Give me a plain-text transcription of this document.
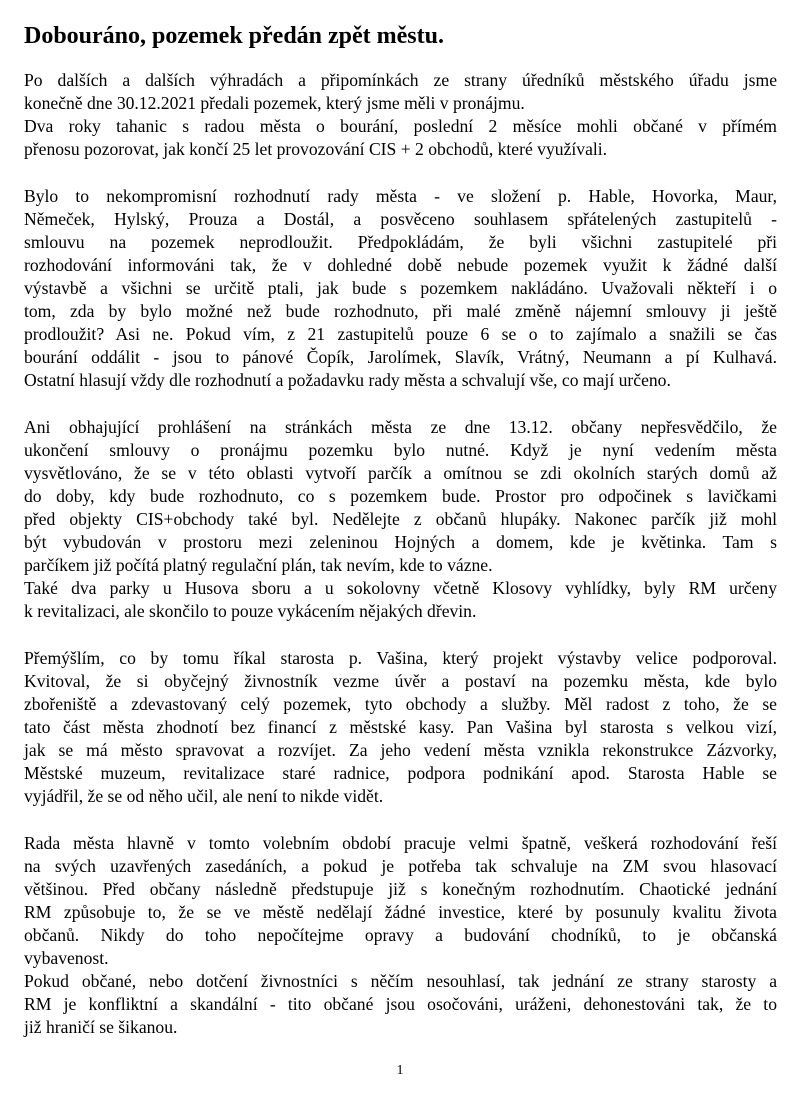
Dobouráno, pozemek předán zpět městu.
Po dalších a dalších výhradách a připomínkách ze strany úředníků městského úřadu jsme
konečně dne 30.12.2021 předali pozemek, který jsme měli v pronájmu.
Dva roky tahanic s radou města o bourání, poslední 2 měsíce mohli občané v přímém
přenosu pozorovat, jak končí 25 let provozování CIS + 2 obchodů, které využívali.
Bylo to nekompromisní rozhodnutí rady města - ve složení p. Hable, Hovorka, Maur,
Němeček, Hylský, Prouza a Dostál, a posvěceno souhlasem spřátelených zastupitelů -
smlouvu na pozemek neprodloužit. Předpokládám, že byli všichni zastupitelé při
rozhodování informováni tak, že v dohledné době nebude pozemek využit k žádné další
výstavbě a všichni se určitě ptali, jak bude s pozemkem nakládáno. Uvažovali někteří i o
tom, zda by bylo možné než bude rozhodnuto, při malé změně nájemní smlouvy ji ještě
prodloužit? Asi ne. Pokud vím, z 21 zastupitelů pouze 6 se o to zajímalo a snažili se čas
bourání oddálit - jsou to pánové Čopík, Jarolímek, Slavík, Vrátný, Neumann a pí Kulhavá.
Ostatní hlasují vždy dle rozhodnutí a požadavku rady města a schvalují vše, co mají určeno.
Ani obhajující prohlášení na stránkách města ze dne 13.12. občany nepřesvědčilo, že
ukončení smlouvy o pronájmu pozemku bylo nutné. Když je nyní vedením města
vysvětlováno, že se v této oblasti vytvoří parčík a omítnou se zdi okolních starých domů až
do doby, kdy bude rozhodnuto, co s pozemkem bude. Prostor pro odpočinek s lavičkami
před objekty CIS+obchody také byl. Nedělejte z občanů hlupáky. Nakonec parčík již mohl
být vybudován v prostoru mezi zeleninou Hojných a domem, kde je květinka. Tam s
parčíkem již počítá platný regulační plán, tak nevím, kde to vázne.
Také dva parky u Husova sboru a u sokolovny včetně Klosovy vyhlídky, byly RM určeny
k revitalizaci, ale skončilo to pouze vykácením nějakých dřevin.
Přemýšlím, co by tomu říkal starosta p. Vašina, který projekt výstavby velice podporoval.
Kvitoval, že si obyčejný živnostník vezme úvěr a postaví na pozemku města, kde bylo
zbořeniště a zdevastovaný celý pozemek, tyto obchody a služby. Měl radost z toho, že se
tato část města zhodnotí bez financí z městské kasy. Pan Vašina byl starosta s velkou vizí,
jak se má město spravovat a rozvíjet. Za jeho vedení města vznikla rekonstrukce Zázvorky,
Městské muzeum, revitalizace staré radnice, podpora podnikání apod. Starosta Hable se
vyjádřil, že se od něho učil, ale není to nikde vidět.
Rada města hlavně v tomto volebním období pracuje velmi špatně, veškerá rozhodování řeší
na svých uzavřených zasedáních, a pokud je potřeba tak schvaluje na ZM svou hlasovací
většinou. Před občany následně předstupuje již s konečným rozhodnutím. Chaotické jednání
RM způsobuje to, že se ve městě nedělají žádné investice, které by posunuly kvalitu života
občanů. Nikdy do toho nepočítejme opravy a budování chodníků, to je občanská
vybavenost.
Pokud občané, nebo dotčení živnostníci s něčím nesouhlasí, tak jednání ze strany starosty a
RM je konfliktní a skandální - tito občané jsou osočováni, uráženi, dehonestováni tak, že to
již hraničí se šikanou.
1
